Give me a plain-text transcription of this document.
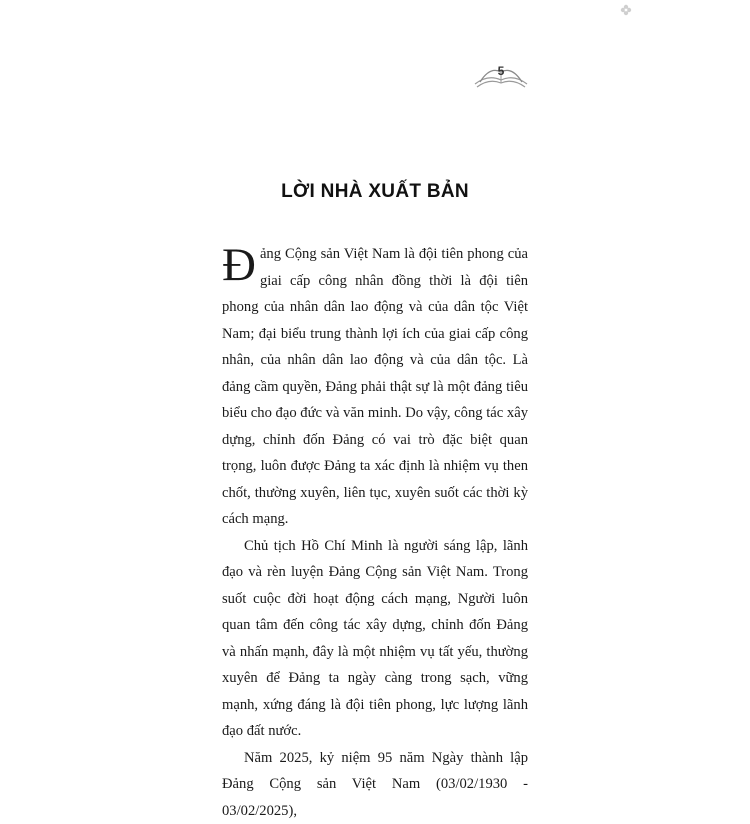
5
LỜI NHÀ XUẤT BẢN

Đảng Cộng sản Việt Nam là đội tiên phong của giai cấp công nhân đồng thời là đội tiên phong của nhân dân lao động và của dân tộc Việt Nam; đại biểu trung thành lợi ích của giai cấp công nhân, của nhân dân lao động và của dân tộc. Là đảng cầm quyền, Đảng phải thật sự là một đảng tiêu biểu cho đạo đức và văn minh. Do vậy, công tác xây dựng, chỉnh đốn Đảng có vai trò đặc biệt quan trọng, luôn được Đảng ta xác định là nhiệm vụ then chốt, thường xuyên, liên tục, xuyên suốt các thời kỳ cách mạng.

Chủ tịch Hồ Chí Minh là người sáng lập, lãnh đạo và rèn luyện Đảng Cộng sản Việt Nam. Trong suốt cuộc đời hoạt động cách mạng, Người luôn quan tâm đến công tác xây dựng, chỉnh đốn Đảng và nhấn mạnh, đây là một nhiệm vụ tất yếu, thường xuyên để Đảng ta ngày càng trong sạch, vững mạnh, xứng đáng là đội tiên phong, lực lượng lãnh đạo đất nước.

Năm 2025, kỷ niệm 95 năm Ngày thành lập Đảng Cộng sản Việt Nam (03/02/1930 - 03/02/2025),
